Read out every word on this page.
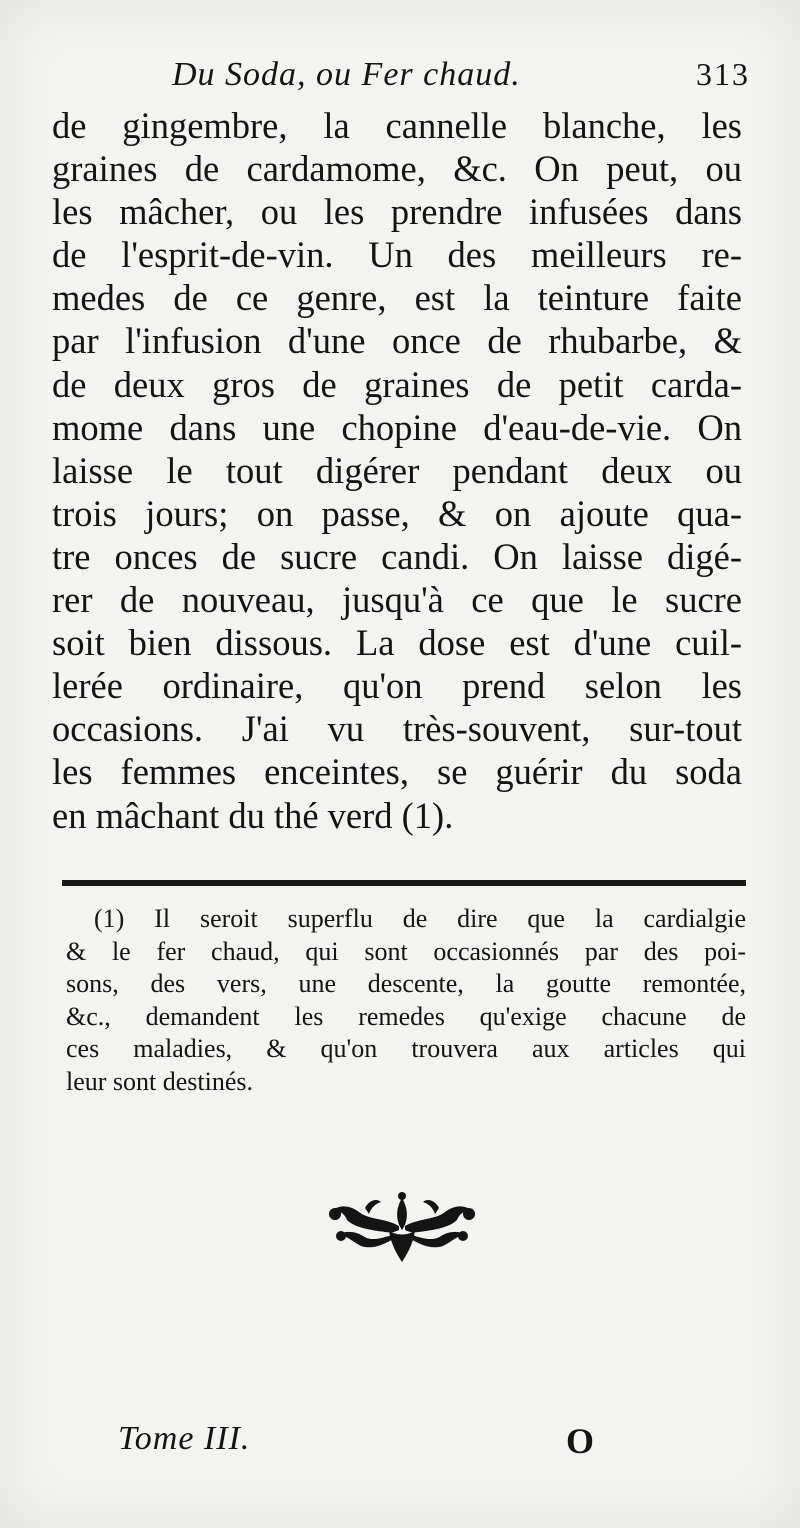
Du Soda, ou Fer chaud.	313
de gingembre, la cannelle blanche, les
graines de cardamome, &c. On peut, ou
les mâcher, ou les prendre infusées dans
de l'esprit-de-vin. Un des meilleurs re-
medes de ce genre, est la teinture faite
par l'infusion d'une once de rhubarbe, &
de deux gros de graines de petit carda-
mome dans une chopine d'eau-de-vie. On
laisse le tout digérer pendant deux ou
trois jours; on passe, & on ajoute qua-
tre onces de sucre candi. On laisse digé-
rer de nouveau, jusqu'à ce que le sucre
soit bien dissous. La dose est d'une cuil-
lerée ordinaire, qu'on prend selon les
occasions. J'ai vu très-souvent, sur-tout
les femmes enceintes, se guérir du soda
en mâchant du thé verd (1).
(1) Il seroit superflu de dire que la cardialgie
& le fer chaud, qui sont occasionnés par des poi-
sons, des vers, une descente, la goutte remontée,
&c., demandent les remedes qu'exige chacune de
ces maladies, & qu'on trouvera aux articles qui
leur sont destinés.
Tome III.	O
